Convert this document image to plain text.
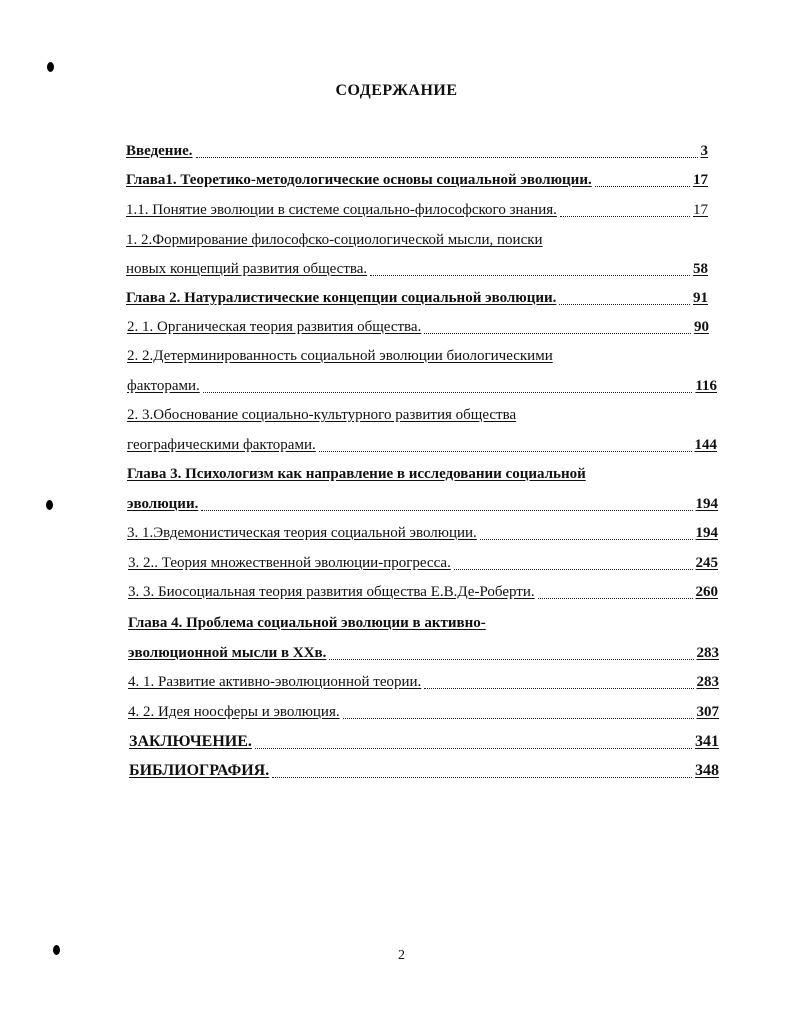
СОДЕРЖАНИЕ
Введение.	3
Глава1. Теоретико-методологические основы социальной эволюции.	17
1.1. Понятие эволюции в системе социально-философского знания.	17
1. 2.Формирование философско-социологической мысли, поиски
новых концепций развития общества.	58
Глава 2. Натуралистические концепции социальной эволюции.	91
2. 1. Органическая теория развития общества.	90
2. 2.Детерминированность социальной эволюции биологическими
факторами.	116
2. 3.Обоснование социально-культурного развития общества
географическими факторами.	144
Глава 3. Психологизм как направление в исследовании социальной
эволюции.	194
3. 1.Эвдемонистическая теория социальной эволюции.	194
3. 2.. Теория множественной эволюции-прогресса.	245
3. 3. Биосоциальная теория развития общества Е.В.Де-Роберти.	260
Глава 4. Проблема социальной эволюции в активно-
эволюционной мысли в ХХв.	283
4. 1. Развитие активно-эволюционной теории.	283
4. 2. Идея ноосферы и эволюция.	307
ЗАКЛЮЧЕНИЕ.	341
БИБЛИОГРАФИЯ.	348
2
